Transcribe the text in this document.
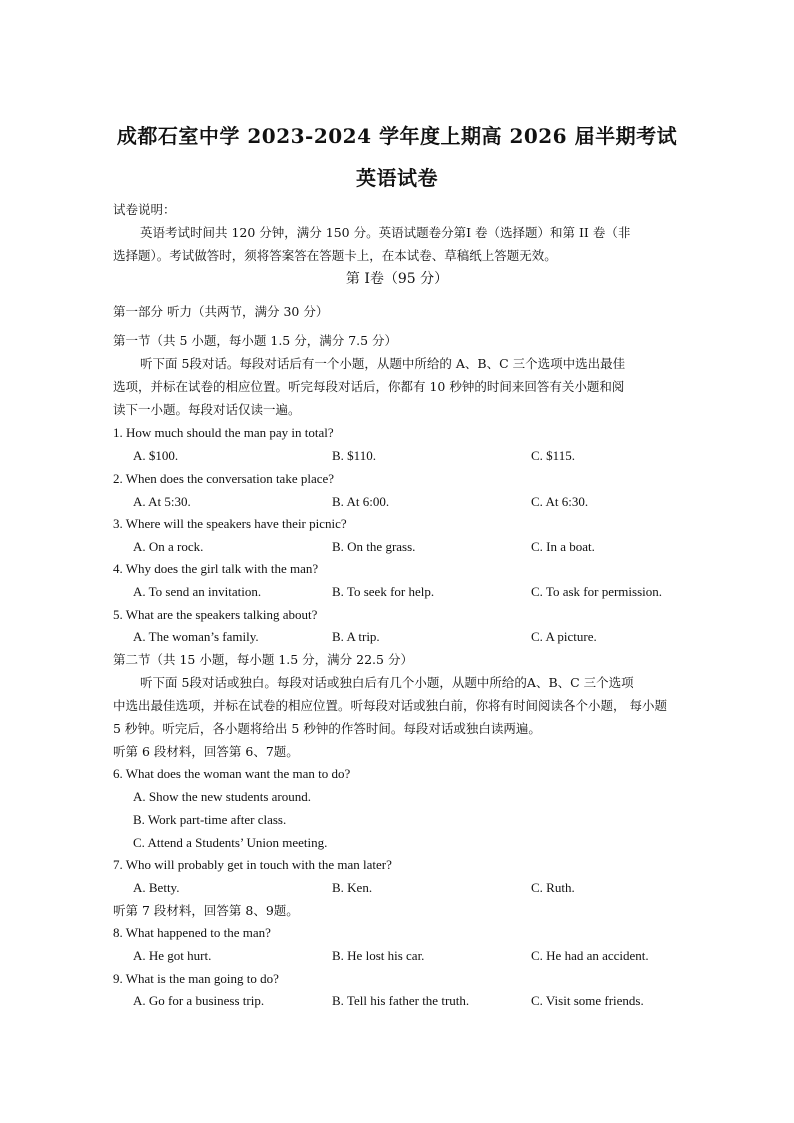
成都石室中学 2023-2024 学年度上期高 2026 届半期考试
英语试卷
试卷说明：
英语考试时间共 120 分钟，满分 150 分。英语试题卷分第I 卷（选择题）和第 II 卷（非
选择题）。考试做答时，须将答案答在答题卡上，在本试卷、草稿纸上答题无效。
第 I卷（95 分）
第一部分 听力（共两节，满分 30 分）
第一节（共 5 小题，每小题 1.5 分，满分 7.5 分）
听下面 5段对话。每段对话后有一个小题，从题中所给的 A、B、C 三个选项中选出最佳
选项，并标在试卷的相应位置。听完每段对话后，你都有 10 秒钟的时间来回答有关小题和阅
读下一小题。每段对话仅读一遍。
1. How much should the man pay in total?
A. $100.	B. $110.	C. $115.
2. When does the conversation take place?
A. At 5:30.	B. At 6:00.	C. At 6:30.
3. Where will the speakers have their picnic?
A. On a rock.	B. On the grass.	C. In a boat.
4. Why does the girl talk with the man?
A. To send an invitation.	B. To seek for help.	C. To ask for permission.
5. What are the speakers talking about?
A. The woman’s family.	B. A trip.	C. A picture.
第二节（共 15 小题，每小题 1.5 分，满分 22.5 分）
听下面 5段对话或独白。每段对话或独白后有几个小题，从题中所给的A、B、C 三个选项
中选出最佳选项，并标在试卷的相应位置。听每段对话或独白前，你将有时间阅读各个小题， 每小题
5 秒钟。听完后，各小题将给出 5 秒钟的作答时间。每段对话或独白读两遍。
听第 6 段材料，回答第 6、7题。
6. What does the woman want the man to do?
A. Show the new students around.
B. Work part-time after class.
C. Attend a Students’ Union meeting.
7. Who will probably get in touch with the man later?
A. Betty.	B. Ken.	C. Ruth.
听第 7 段材料，回答第 8、9题。
8. What happened to the man?
A. He got hurt.	B. He lost his car.	C. He had an accident.
9. What is the man going to do?
A. Go for a business trip.	B. Tell his father the truth.	C. Visit some friends.
